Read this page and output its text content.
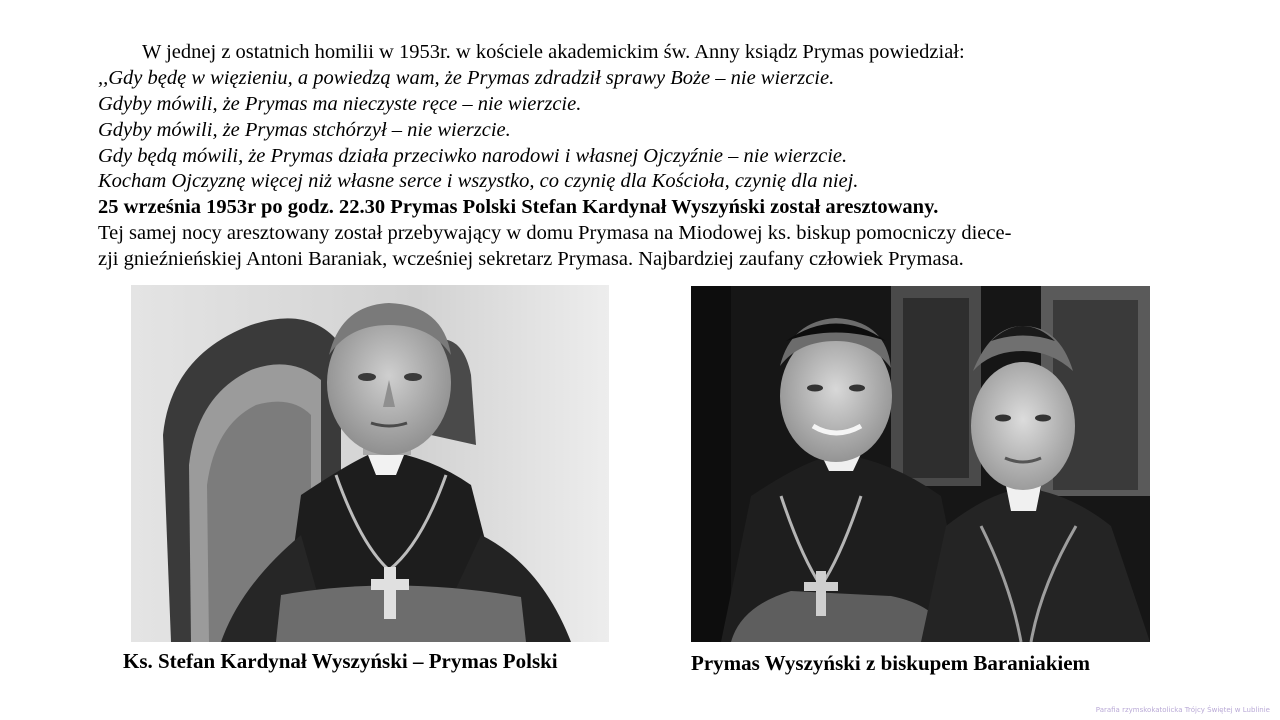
W jednej z ostatnich homilii w 1953r. w kościele akademickim św. Anny ksiądz Prymas powiedział:
,,Gdy będę w więzieniu, a powiedzą wam, że Prymas zdradził sprawy Boże – nie wierzcie.
Gdyby mówili, że Prymas ma nieczyste ręce – nie wierzcie.
Gdyby mówili, że Prymas stchórzył – nie wierzcie.
Gdy będą mówili, że Prymas działa przeciwko narodowi i własnej Ojczyźnie – nie wierzcie.
Kocham Ojczyznę więcej niż własne serce i wszystko, co czynię dla Kościoła, czynię dla niej.
25 września 1953r po godz. 22.30 Prymas Polski Stefan Kardynał Wyszyński został aresztowany.
Tej samej nocy aresztowany został przebywający w domu Prymasa na Miodowej ks. biskup pomocniczy diece-
zji gnieźnieńskiej Antoni Baraniak, wcześniej sekretarz Prymasa. Najbardziej zaufany człowiek Prymasa.
Ks. Stefan Kardynał Wyszyński – Prymas Polski	Prymas Wyszyński z biskupem Baraniakiem
Parafia rzymskokatolicka Trójcy Świętej w Lublinie
